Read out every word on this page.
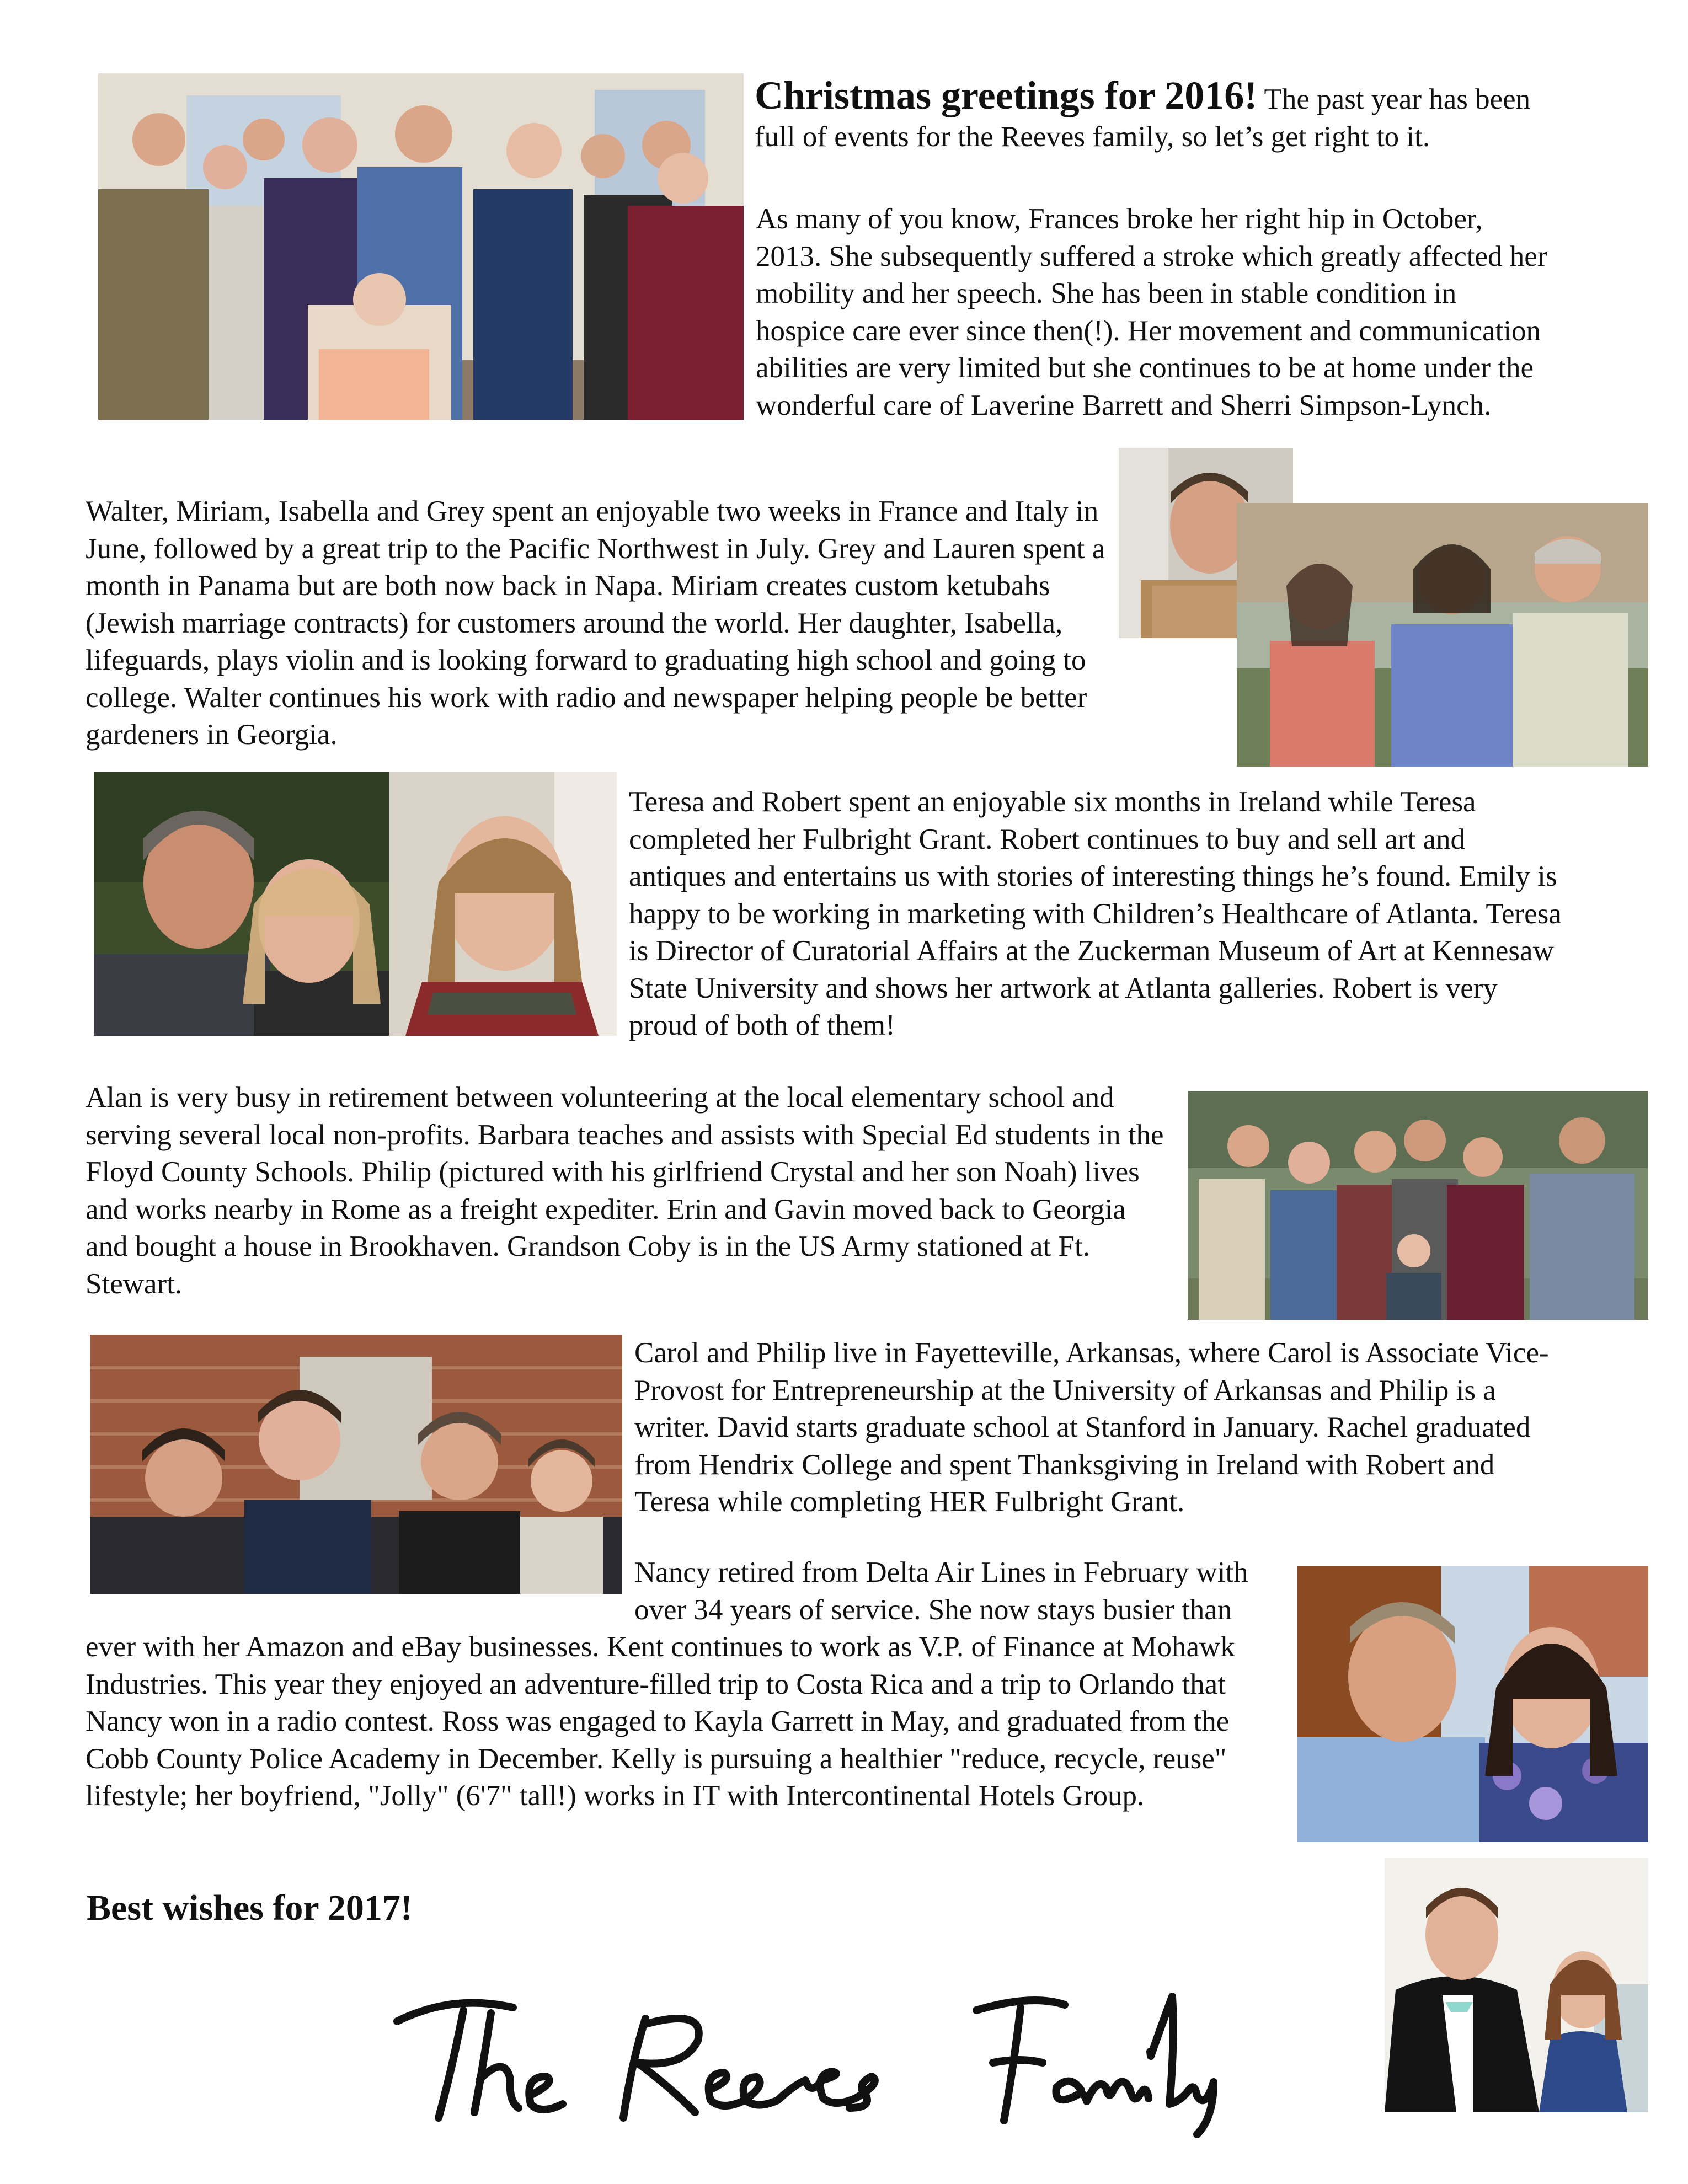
Christmas greetings for 2016! The past year has been full of events for the Reeves family, so let’s get right to it.

As many of you know, Frances broke her right hip in October, 2013. She subsequently suffered a stroke which greatly affected her mobility and her speech. She has been in stable condition in hospice care ever since then(!). Her movement and communication abilities are very limited but she continues to be at home under the wonderful care of Laverine Barrett and Sherri Simpson-Lynch.

Walter, Miriam, Isabella and Grey spent an enjoyable two weeks in France and Italy in June, followed by a great trip to the Pacific Northwest in July. Grey and Lauren spent a month in Panama but are both now back in Napa. Miriam creates custom ketubahs (Jewish marriage contracts) for customers around the world. Her daughter, Isabella, lifeguards, plays violin and is looking forward to graduating high school and going to college. Walter continues his work with radio and newspaper helping people be better gardeners in Georgia.

Teresa and Robert spent an enjoyable six months in Ireland while Teresa completed her Fulbright Grant. Robert continues to buy and sell art and antiques and entertains us with stories of interesting things he’s found. Emily is happy to be working in marketing with Children’s Healthcare of Atlanta. Teresa is Director of Curatorial Affairs at the Zuckerman Museum of Art at Kennesaw State University and shows her artwork at Atlanta galleries. Robert is very proud of both of them!

Alan is very busy in retirement between volunteering at the local elementary school and serving several local non-profits. Barbara teaches and assists with Special Ed students in the Floyd County Schools. Philip (pictured with his girlfriend Crystal and her son Noah) lives and works nearby in Rome as a freight expediter. Erin and Gavin moved back to Georgia and bought a house in Brookhaven. Grandson Coby is in the US Army stationed at Ft. Stewart.

Carol and Philip live in Fayetteville, Arkansas, where Carol is Associate Vice-Provost for Entrepreneurship at the University of Arkansas and Philip is a writer. David starts graduate school at Stanford in January. Rachel graduated from Hendrix College and spent Thanksgiving in Ireland with Robert and Teresa while completing HER Fulbright Grant.

Nancy retired from Delta Air Lines in February with over 34 years of service. She now stays busier than

ever with her Amazon and eBay businesses. Kent continues to work as V.P. of Finance at Mohawk Industries. This year they enjoyed an adventure-filled trip to Costa Rica and a trip to Orlando that Nancy won in a radio contest. Ross was engaged to Kayla Garrett in May, and graduated from the Cobb County Police Academy in December. Kelly is pursuing a healthier "reduce, recycle, reuse" lifestyle; her boyfriend, "Jolly" (6'7" tall!) works in IT with Intercontinental Hotels Group.

Best wishes for 2017!
